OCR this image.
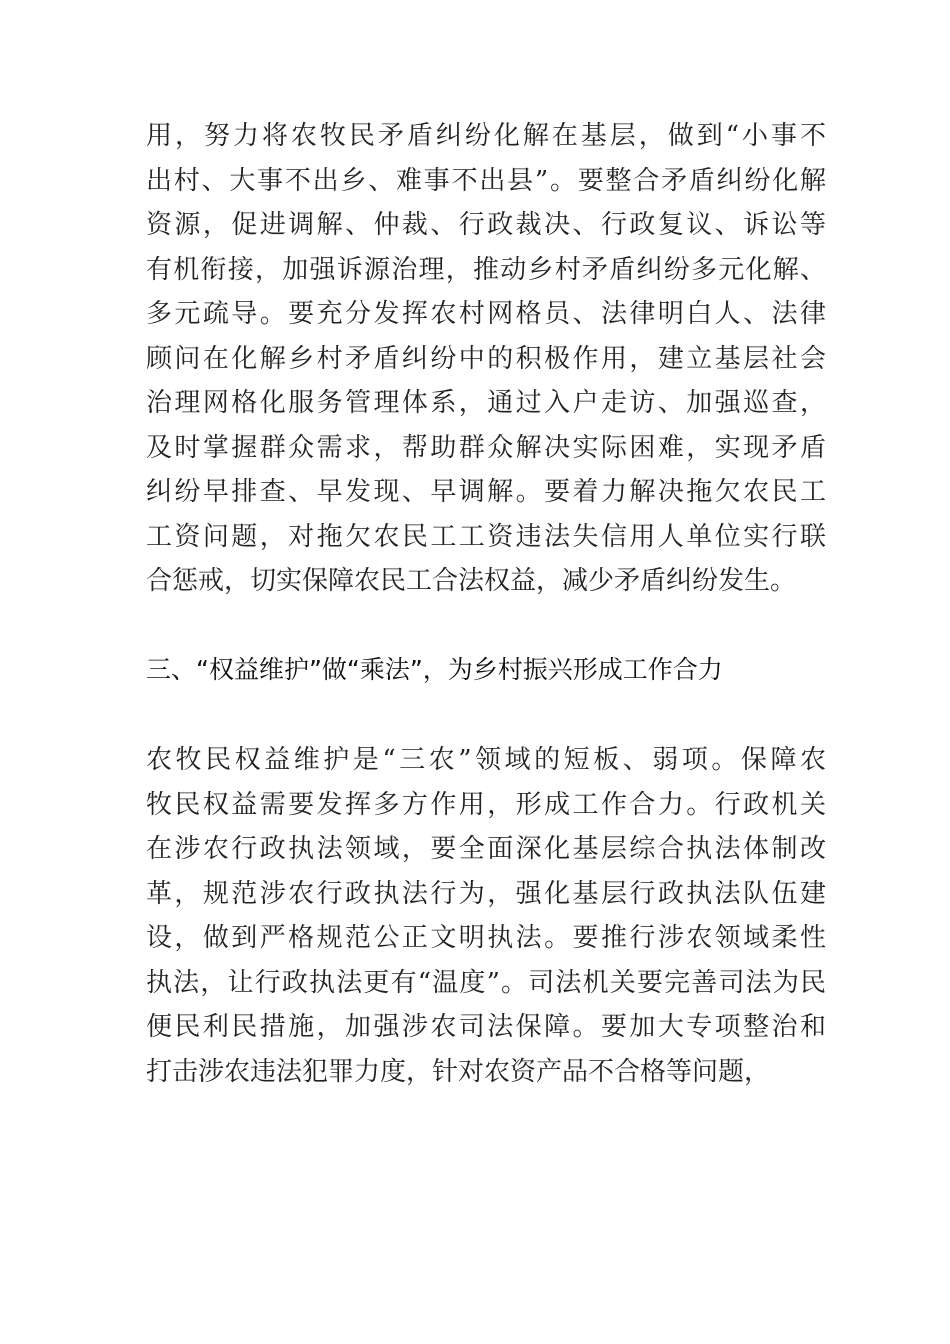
用，努力将农牧民矛盾纠纷化解在基层，做到“小事不
出村、大事不出乡、难事不出县”。要整合矛盾纠纷化解
资源，促进调解、仲裁、行政裁决、行政复议、诉讼等
有机衔接，加强诉源治理，推动乡村矛盾纠纷多元化解、
多元疏导。要充分发挥农村网格员、法律明白人、法律
顾问在化解乡村矛盾纠纷中的积极作用，建立基层社会
治理网格化服务管理体系，通过入户走访、加强巡查，
及时掌握群众需求，帮助群众解决实际困难，实现矛盾
纠纷早排查、早发现、早调解。要着力解决拖欠农民工
工资问题，对拖欠农民工工资违法失信用人单位实行联
合惩戒，切实保障农民工合法权益，减少矛盾纠纷发生。
三、“权益维护”做“乘法”，为乡村振兴形成工作合力
农牧民权益维护是“三农”领域的短板、弱项。保障农
牧民权益需要发挥多方作用，形成工作合力。行政机关
在涉农行政执法领域，要全面深化基层综合执法体制改
革，规范涉农行政执法行为，强化基层行政执法队伍建
设，做到严格规范公正文明执法。要推行涉农领域柔性
执法，让行政执法更有“温度”。司法机关要完善司法为民
便民利民措施，加强涉农司法保障。要加大专项整治和
打击涉农违法犯罪力度，针对农资产品不合格等问题，
